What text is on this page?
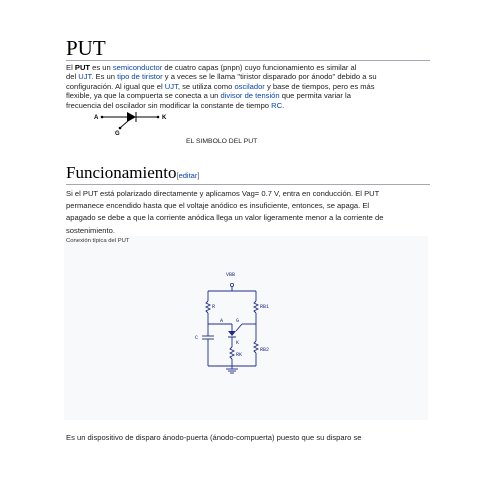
PUT
El PUT es un semiconductor de cuatro capas (pnpn) cuyo funcionamiento es similar al
del UJT. Es un tipo de tiristor y a veces se le llama "tiristor disparado por ánodo" debido a su
configuración. Al igual que el UJT, se utiliza como oscilador y base de tiempos, pero es más
flexible, ya que la compuerta se conecta a un divisor de tensión que permita variar la
frecuencia del oscilador sin modificar la constante de tiempo RC.
A	K
G
EL SIMBOLO DEL PUT
Funcionamiento[editar]
Si el PUT está polarizado directamente y aplicamos Vag= 0.7 V, entra en conducción. El PUT
permanece encendido hasta que el voltaje anódico es insuficiente, entonces, se apaga. El
apagado se debe a que la corriente anódica llega un valor ligeramente menor a la corriente de
sostenimiento.
Conexión típica del PUT
VBB
R	RB1
A	G
K
C
RB2
RK
Es un dispositivo de disparo ánodo-puerta (ánodo-compuerta) puesto que su disparo se
